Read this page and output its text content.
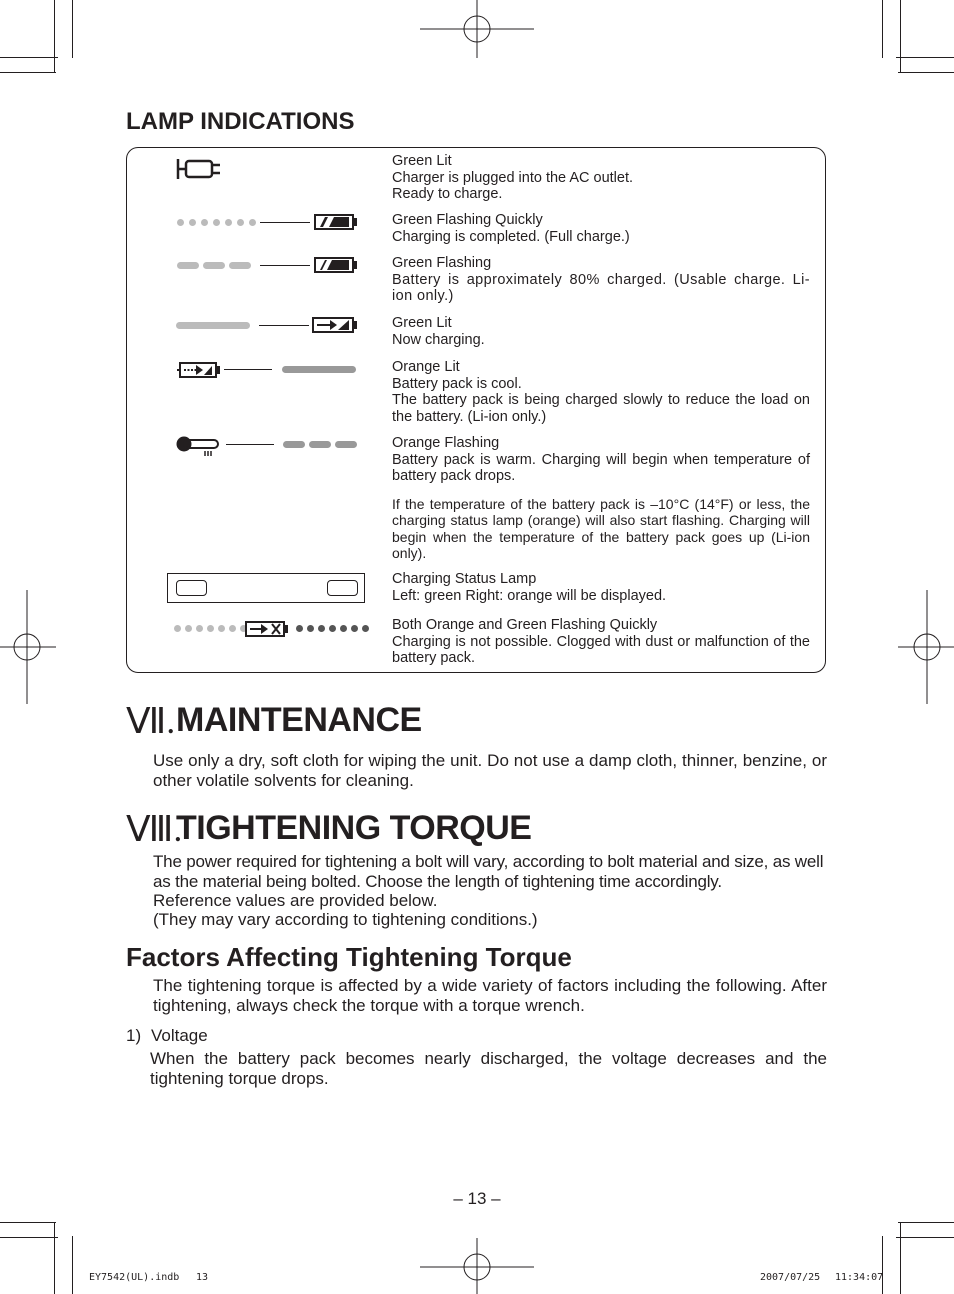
LAMP INDICATIONS
Green Lit
Charger is plugged into the AC outlet.
Ready to charge.
Green Flashing Quickly
Charging is completed. (Full charge.)
Green Flashing
Battery is approximately 80% charged. (Usable charge. Li-ion only.)
Green Lit
Now charging.
Orange Lit
Battery pack is cool.
The battery pack is being charged slowly to reduce the load on the battery. (Li-ion only.)
Orange Flashing
Battery pack is warm. Charging will begin when temperature of battery pack drops.
If the temperature of the battery pack is –10°C (14°F) or less, the charging status lamp (orange) will also start flashing. Charging will begin when the temperature of the battery pack goes up (Li-ion only).
Charging Status Lamp
Left: green Right: orange will be displayed.
Both Orange and Green Flashing Quickly
Charging is not possible. Clogged with dust or malfunction of the battery pack.
Ⅶ. MAINTENANCE
Use only a dry, soft cloth for wiping the unit. Do not use a damp cloth, thinner, benzine, or other volatile solvents for cleaning.
Ⅷ.
TIGHTENING TORQUE
The power required for tightening a bolt will vary, according to bolt material and size, as well as the material being bolted. Choose the length of tightening time accordingly.
Reference values are provided below.
(They may vary according to tightening conditions.)
Factors Affecting Tightening Torque
The tightening torque is affected by a wide variety of factors including the following. After tightening, always check the torque with a torque wrench.
1) Voltage
When the battery pack becomes nearly discharged, the voltage decreases and the tightening torque drops.
– 13 –
EY7542(UL).indb 13	2007/07/25 11:34:07
